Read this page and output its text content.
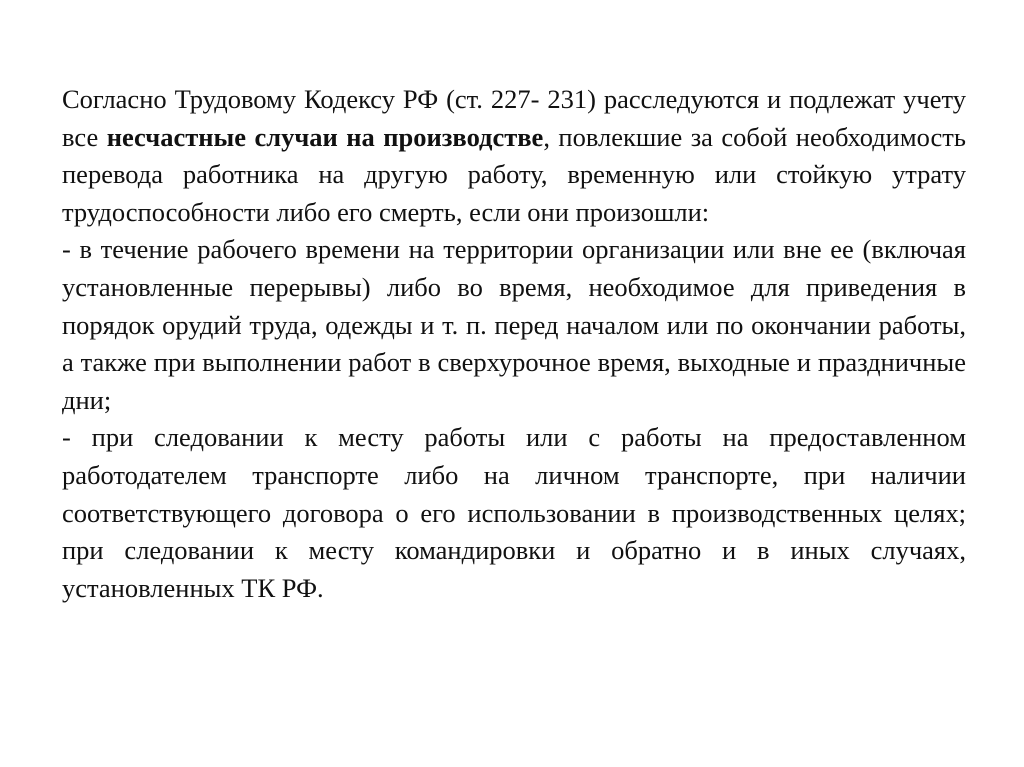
Согласно Трудовому Кодексу РФ (ст. 227- 231) расследуются и подлежат учету все несчастные случаи на производстве, повлекшие за собой необходимость перевода работника на другую работу, временную или стойкую утрату трудоспособности либо его смерть, если они произошли:

- в течение рабочего времени на территории организации или вне ее (включая установленные перерывы) либо во время, необходимое для приведения в порядок орудий труда, одежды и т. п. перед началом или по окончании работы, а также при выполнении работ в сверхурочное время, выходные и праздничные дни;

- при следовании к месту работы или с работы на предоставленном работодателем транспорте либо на личном транспорте, при наличии соответствующего договора о его использовании в производственных целях; при следовании к месту командировки и обратно и в иных случаях, установленных ТК РФ.
